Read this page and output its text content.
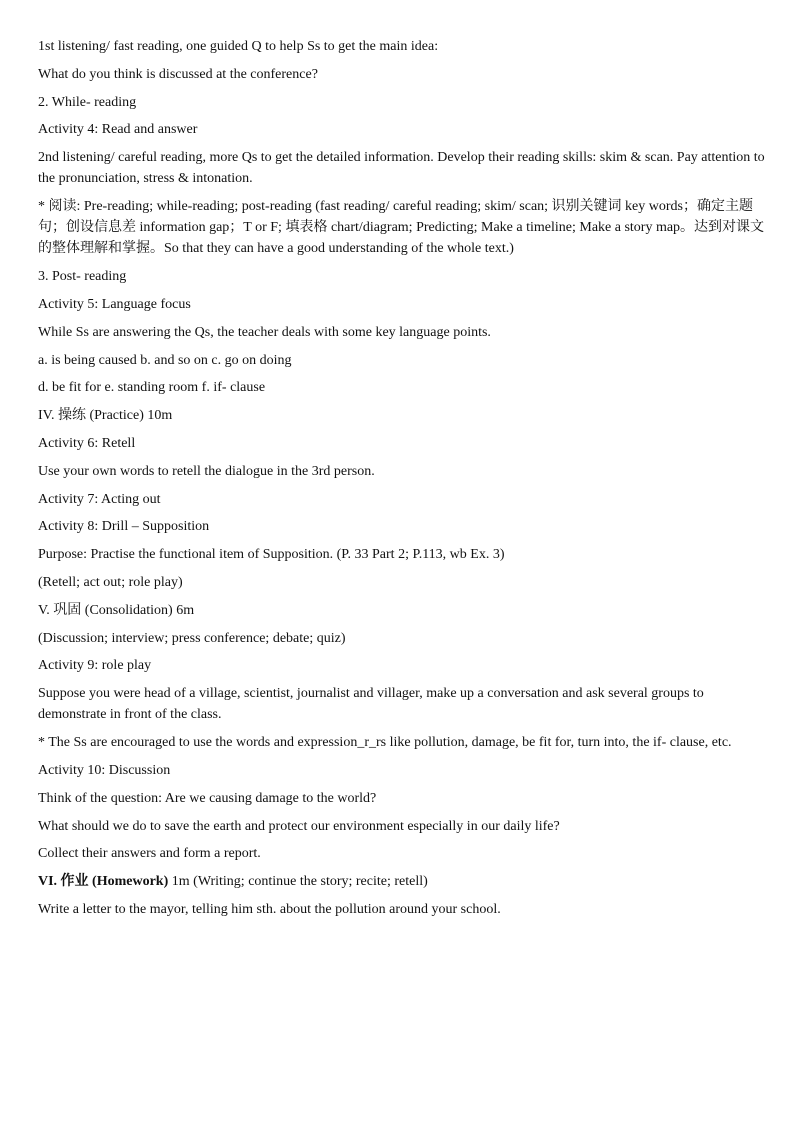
1st listening/ fast reading, one guided Q to help Ss to get the main idea:

What do you think is discussed at the conference?

2. While- reading

Activity 4: Read and answer

2nd listening/ careful reading, more Qs to get the detailed information. Develop their reading skills: skim & scan. Pay attention to the pronunciation, stress & intonation.

* 阅读: Pre-reading; while-reading; post-reading (fast reading/ careful reading; skim/ scan; 识别关键词 key words；确定主题句；创设信息差 information gap；T or F; 填表格 chart/diagram; Predicting; Make a timeline; Make a story map。达到对课文的整体理解和掌握。So that they can have a good understanding of the whole text.)

3. Post- reading

Activity 5: Language focus

While Ss are answering the Qs, the teacher deals with some key language points.

a. is being caused b. and so on c. go on doing

d. be fit for e. standing room f. if- clause

IV. 操练 (Practice) 10m

Activity 6: Retell

Use your own words to retell the dialogue in the 3rd person.

Activity 7: Acting out

Activity 8: Drill – Supposition

Purpose: Practise the functional item of Supposition. (P. 33 Part 2; P.113, wb Ex. 3)

(Retell; act out; role play)

V. 巩固 (Consolidation) 6m

(Discussion; interview; press conference; debate; quiz)

Activity 9: role play

Suppose you were head of a village, scientist, journalist and villager, make up a conversation and ask several groups to demonstrate in front of the class.

* The Ss are encouraged to use the words and expression_r_rs like pollution, damage, be fit for, turn into, the if- clause, etc.

Activity 10: Discussion

Think of the question: Are we causing damage to the world?

What should we do to save the earth and protect our environment especially in our daily life?

Collect their answers and form a report.

VI. 作业 (Homework) 1m (Writing; continue the story; recite; retell)

Write a letter to the mayor, telling him sth. about the pollution around your school.
